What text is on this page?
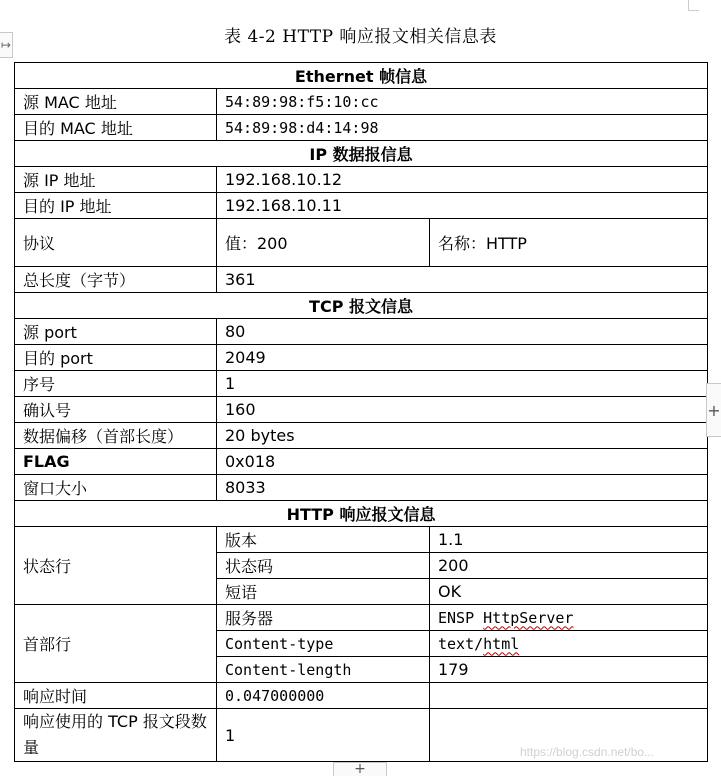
↦	表 4-2 HTTP 响应报文相关信息表
Ethernet 帧信息		
源 MAC 地址	54:89:98:f5:10:cc	
目的 MAC 地址	54:89:98:d4:14:98	
IP 数据报信息		
源 IP 地址	192.168.10.12	
目的 IP 地址	192.168.10.11	
协议	值：200	名称：HTTP
总长度（字节）	361	
TCP 报文信息		
源 port	80	
目的 port	2049	
序号	1	
确认号	160	
数据偏移（首部长度）	20 bytes	
FLAG	0x018	
窗口大小	8033	
HTTP 响应报文信息		
状态行	版本	1.1
	状态码	200
	短语	OK
首部行	服务器	ENSP HttpServer
	Content-type	text/html
	Content-length	179
响应时间	0.047000000	
响应使用的 TCP 报文段数量	1	
+
+
https://blog.csdn.net/bo...
